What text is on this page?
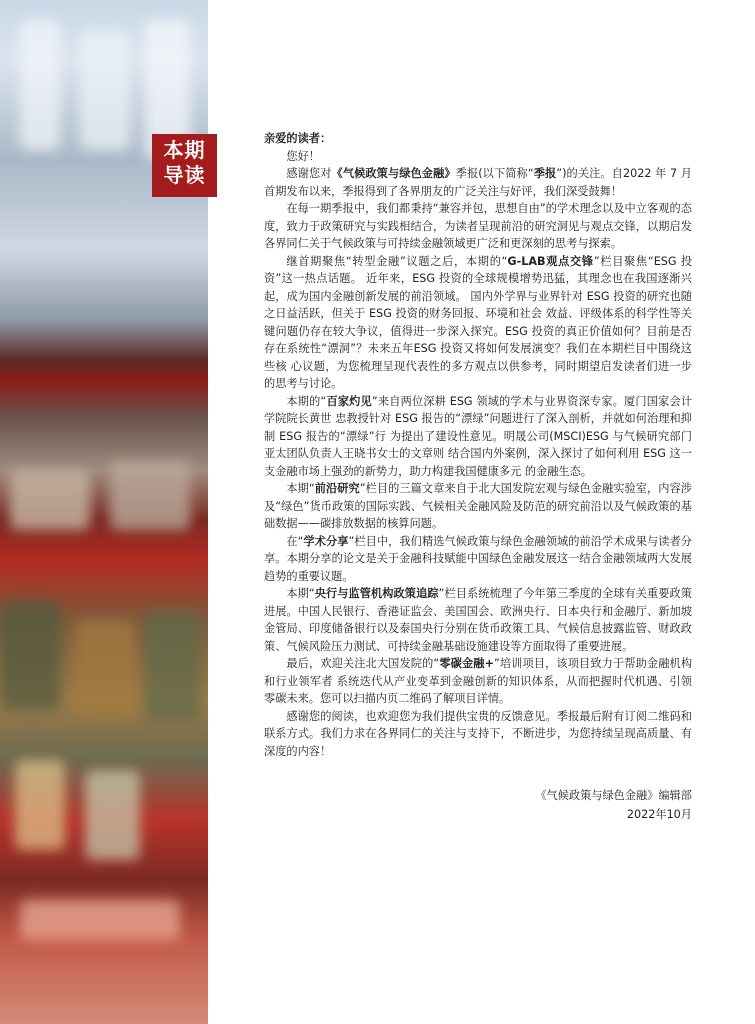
本期
导读

亲爱的读者：

您好！

感谢您对《气候政策与绿色金融》季报(以下简称“季报”)的关注。自2022 年 7 月首期发布以来，季报得到了各界朋友的广泛关注与好评，我们深受鼓舞！

在每一期季报中，我们都秉持“兼容并包，思想自由”的学术理念以及中立客观的态度，致力于政策研究与实践相结合，为读者呈现前沿的研究洞见与观点交锋，以期启发各界同仁关于气候政策与可持续金融领域更广泛和更深刻的思考与探索。

继首期聚焦“转型金融”议题之后，本期的“G-LAB观点交锋”栏目聚焦“ESG 投资”这一热点话题。 近年来，ESG 投资的全球规模增势迅猛，其理念也在我国逐渐兴起，成为国内金融创新发展的前沿领域。 国内外学界与业界针对 ESG 投资的研究也随之日益活跃，但关于 ESG 投资的财务回报、环境和社会 效益、评级体系的科学性等关键问题仍存在较大争议，值得进一步深入探究。ESG 投资的真正价值如何？目前是否存在系统性“漂洞”？未来五年ESG 投资又将如何发展演变？我们在本期栏目中围绕这些核 心议题，为您梳理呈现代表性的多方观点以供参考，同时期望启发读者们进一步的思考与讨论。

本期的“百家灼见”来自两位深耕 ESG 领域的学术与业界资深专家。厦门国家会计学院院长黄世 忠教授针对 ESG 报告的“漂绿”问题进行了深入剖析，并就如何治理和抑制 ESG 报告的“漂绿”行 为提出了建设性意见。明晟公司(MSCI)ESG 与气候研究部门亚太团队负责人王晓书女士的文章则 结合国内外案例，深入探讨了如何利用 ESG 这一支金融市场上强劲的新势力，助力构建我国健康多元 的金融生态。

本期“前沿研究”栏目的三篇文章来自于北大国发院宏观与绿色金融实验室，内容涉及“绿色”货币政策的国际实践、气候相关金融风险及防范的研究前沿以及气候政策的基础数据——碳排放数据的核算问题。

在“学术分享”栏目中，我们精选气候政策与绿色金融领域的前沿学术成果与读者分享。本期分享的论文是关于金融科技赋能中国绿色金融发展这一结合金融领域两大发展趋势的重要议题。

本期“央行与监管机构政策追踪”栏目系统梳理了今年第三季度的全球有关重要政策进展。中国人民银行、香港证监会、美国国会、欧洲央行、日本央行和金融厅、新加坡金管局、印度储备银行以及泰国央行分别在货币政策工具、气候信息披露监管、财政政策、气候风险压力测试、可持续金融基础设施建设等方面取得了重要进展。

最后，欢迎关注北大国发院的“零碳金融+”培训项目，该项目致力于帮助金融机构和行业领军者 系统迭代从产业变革到金融创新的知识体系，从而把握时代机遇、引领零碳未来。您可以扫描内页二维码了解项目详情。

感谢您的阅读，也欢迎您为我们提供宝贵的反馈意见。季报最后附有订阅二维码和联系方式。我们力求在各界同仁的关注与支持下，不断进步，为您持续呈现高质量、有深度的内容！

《气候政策与绿色金融》编辑部
2022年10月
